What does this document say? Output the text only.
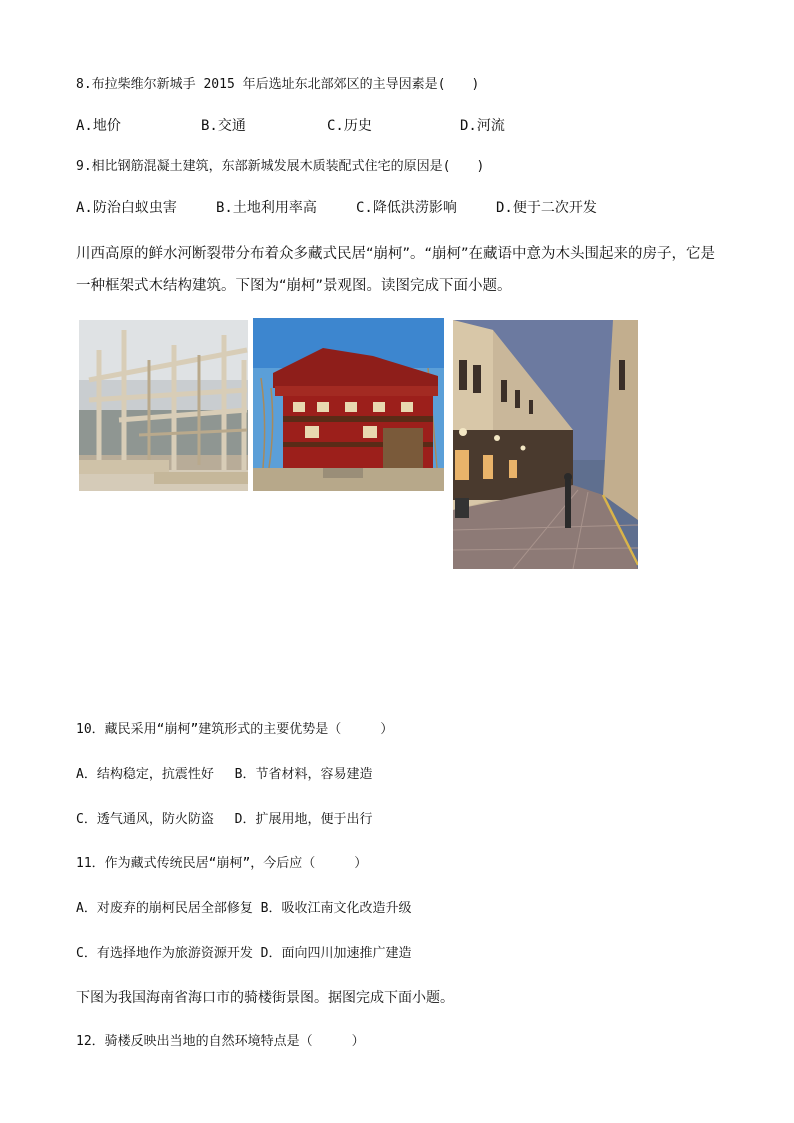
8.布拉柴维尔新城手 2015 年后选址东北部郊区的主导因素是(　　)
A.地价	B.交通	C.历史	D.河流
9.相比钢筋混凝土建筑，东部新城发展木质装配式住宅的原因是(　　)
A.防治白蚁虫害	B.土地利用率高	C.降低洪涝影响	D.便于二次开发
川西高原的鲜水河断裂带分布着众多藏式民居“崩柯”。“崩柯”在藏语中意为木头围起来的房子，它是
一种框架式木结构建筑。下图为“崩柯”景观图。读图完成下面小题。
10．藏民采用“崩柯”建筑形式的主要优势是（　　　）
A．结构稳定，抗震性好　 B．节省材料，容易建造
C．透气通风，防火防盗　 D．扩展用地，便于出行
11．作为藏式传统民居“崩柯”，今后应（　　　）
A．对废弃的崩柯民居全部修复 B．吸收江南文化改造升级
C．有选择地作为旅游资源开发 D．面向四川加速推广建造
下图为我国海南省海口市的骑楼街景图。据图完成下面小题。
12．骑楼反映出当地的自然环境特点是（　　　）
